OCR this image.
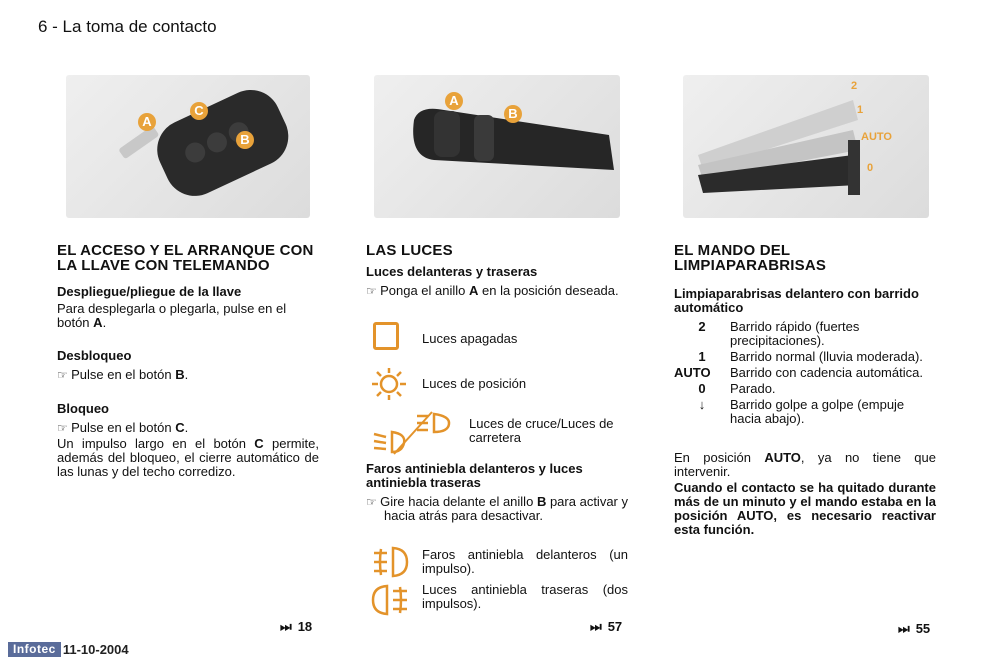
6 - La toma de contacto
A
C
B
A
B
2
1
AUTO
0
EL ACCESO Y EL ARRANQUE CON LA LLAVE CON TELEMANDO

Despliegue/pliegue de la llave

Para desplegarla o plegarla, pulse en el botón A.

Desbloqueo

☞ Pulse en el botón B.

Bloqueo

☞ Pulse en el botón C.

Un impulso largo en el botón C permite, además del bloqueo, el cierre automático de las lunas y del techo corredizo.

⏭ 18
LAS LUCES

Luces delanteras y traseras

☞ Ponga el anillo A en la posición deseada.

Luces apagadas
Luces de posición
Luces de cruce/Luces de carretera

Faros antiniebla delanteros y luces antiniebla traseras

☞ Gire hacia delante el anillo B para activar y hacia atrás para desactivar.

Faros antiniebla delanteros (un impulso).
Luces antiniebla traseras (dos impulsos).
⏭ 57
EL MANDO DEL LIMPIAPARABRISAS

Limpiaparabrisas delantero con barrido automático

2	Barrido rápido (fuertes precipitaciones).
1	Barrido normal (lluvia moderada).
AUTO	Barrido con cadencia automática.
0	Parado.
↓	Barrido golpe a golpe (empuje hacia abajo).

En posición AUTO, ya no tiene que intervenir.

Cuando el contacto se ha quitado durante más de un minuto y el mando estaba en la posición AUTO, es necesario reactivar esta función.

⏭ 55
Infotec 11-10-2004
